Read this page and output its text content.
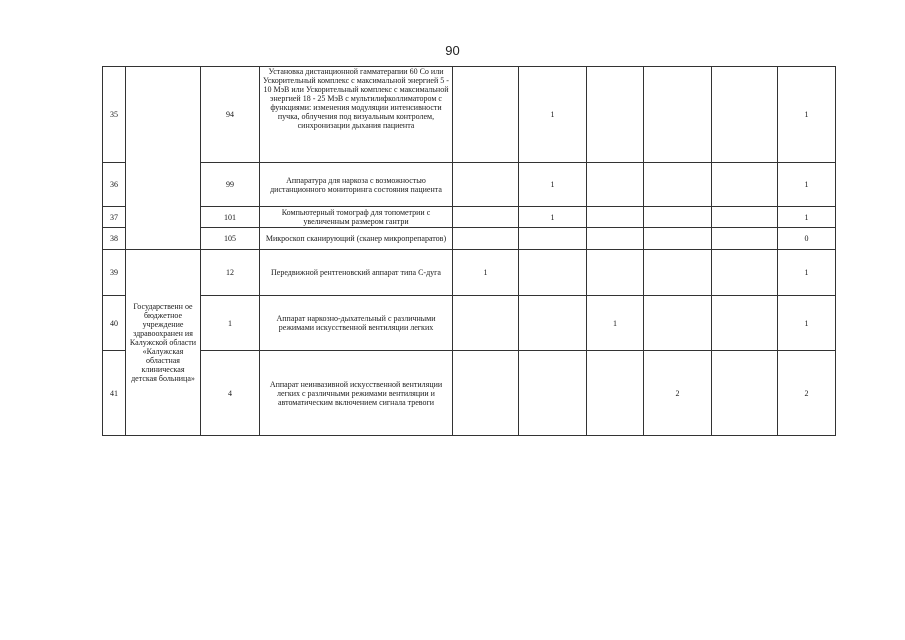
90
35		94	Установка дистанционной гамматерапии 60 Со или Ускорительный комплекс с максимальной энергией 5 - 10 МэВ или Ускорительный комплекс с максимальной энергией 18 - 25 МэВ с мультилифколлиматором с функциями: изменения модуляции интенсивности пучка, облучения под визуальным контролем, синхронизации дыхания пациента		1				1
36		99	Аппаратура для наркоза с возможностью дистанционного мониторинга состояния пациента		1				1
37		101	Компьютерный томограф для топометрии с увеличенным размером гантри		1				1
38		105	Микроскоп сканирующий (сканер микропрепаратов)						0
39	Государственн ое бюджетное учреждение здравоохранен ия Калужской области «Калужская областная клиническая детская больница»	12	Передвижной рентгеновский аппарат типа С-дуга	1					1
40		1	Аппарат наркозно-дыхательный с различными режимами искусственной вентиляции легких			1			1
41		4	Аппарат неинвазивной искусственной вентиляции легких с различными режимами вентиляции и автоматическим включением сигнала тревоги				2		2
